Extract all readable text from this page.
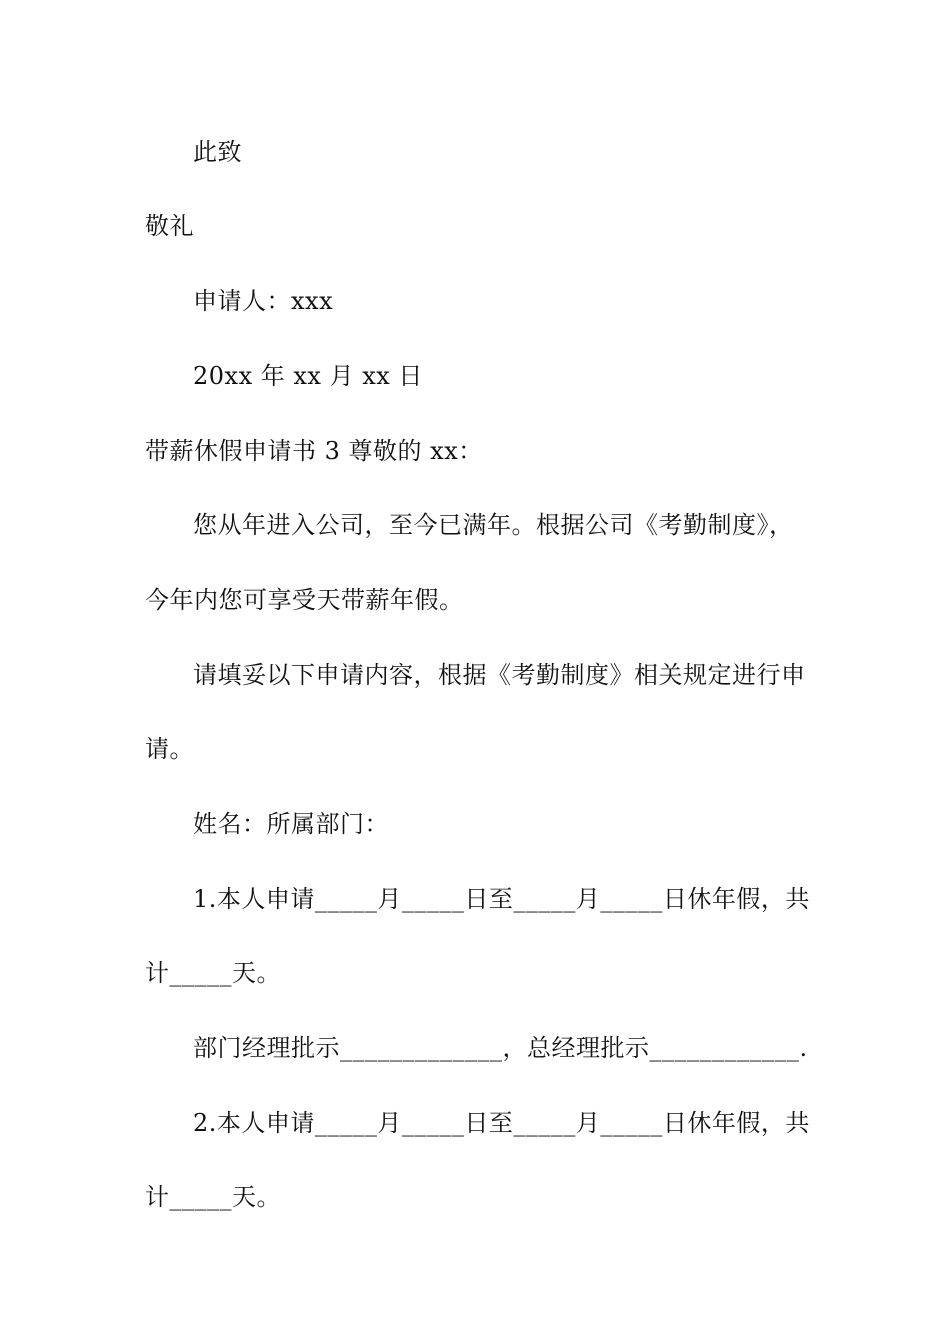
此致
敬礼
申请人：xxx
20xx 年 xx 月 xx 日
带薪休假申请书 3 尊敬的 xx：
您从年进入公司，至今已满年。根据公司《考勤制度》，
今年内您可享受天带薪年假。
请填妥以下申请内容，根据《考勤制度》相关规定进行申
请。
姓名：所属部门：
1.本人申请_____月_____日至_____月_____日休年假，共
计_____天。
部门经理批示_____________，总经理批示____________.
2.本人申请_____月_____日至_____月_____日休年假，共
计_____天。
